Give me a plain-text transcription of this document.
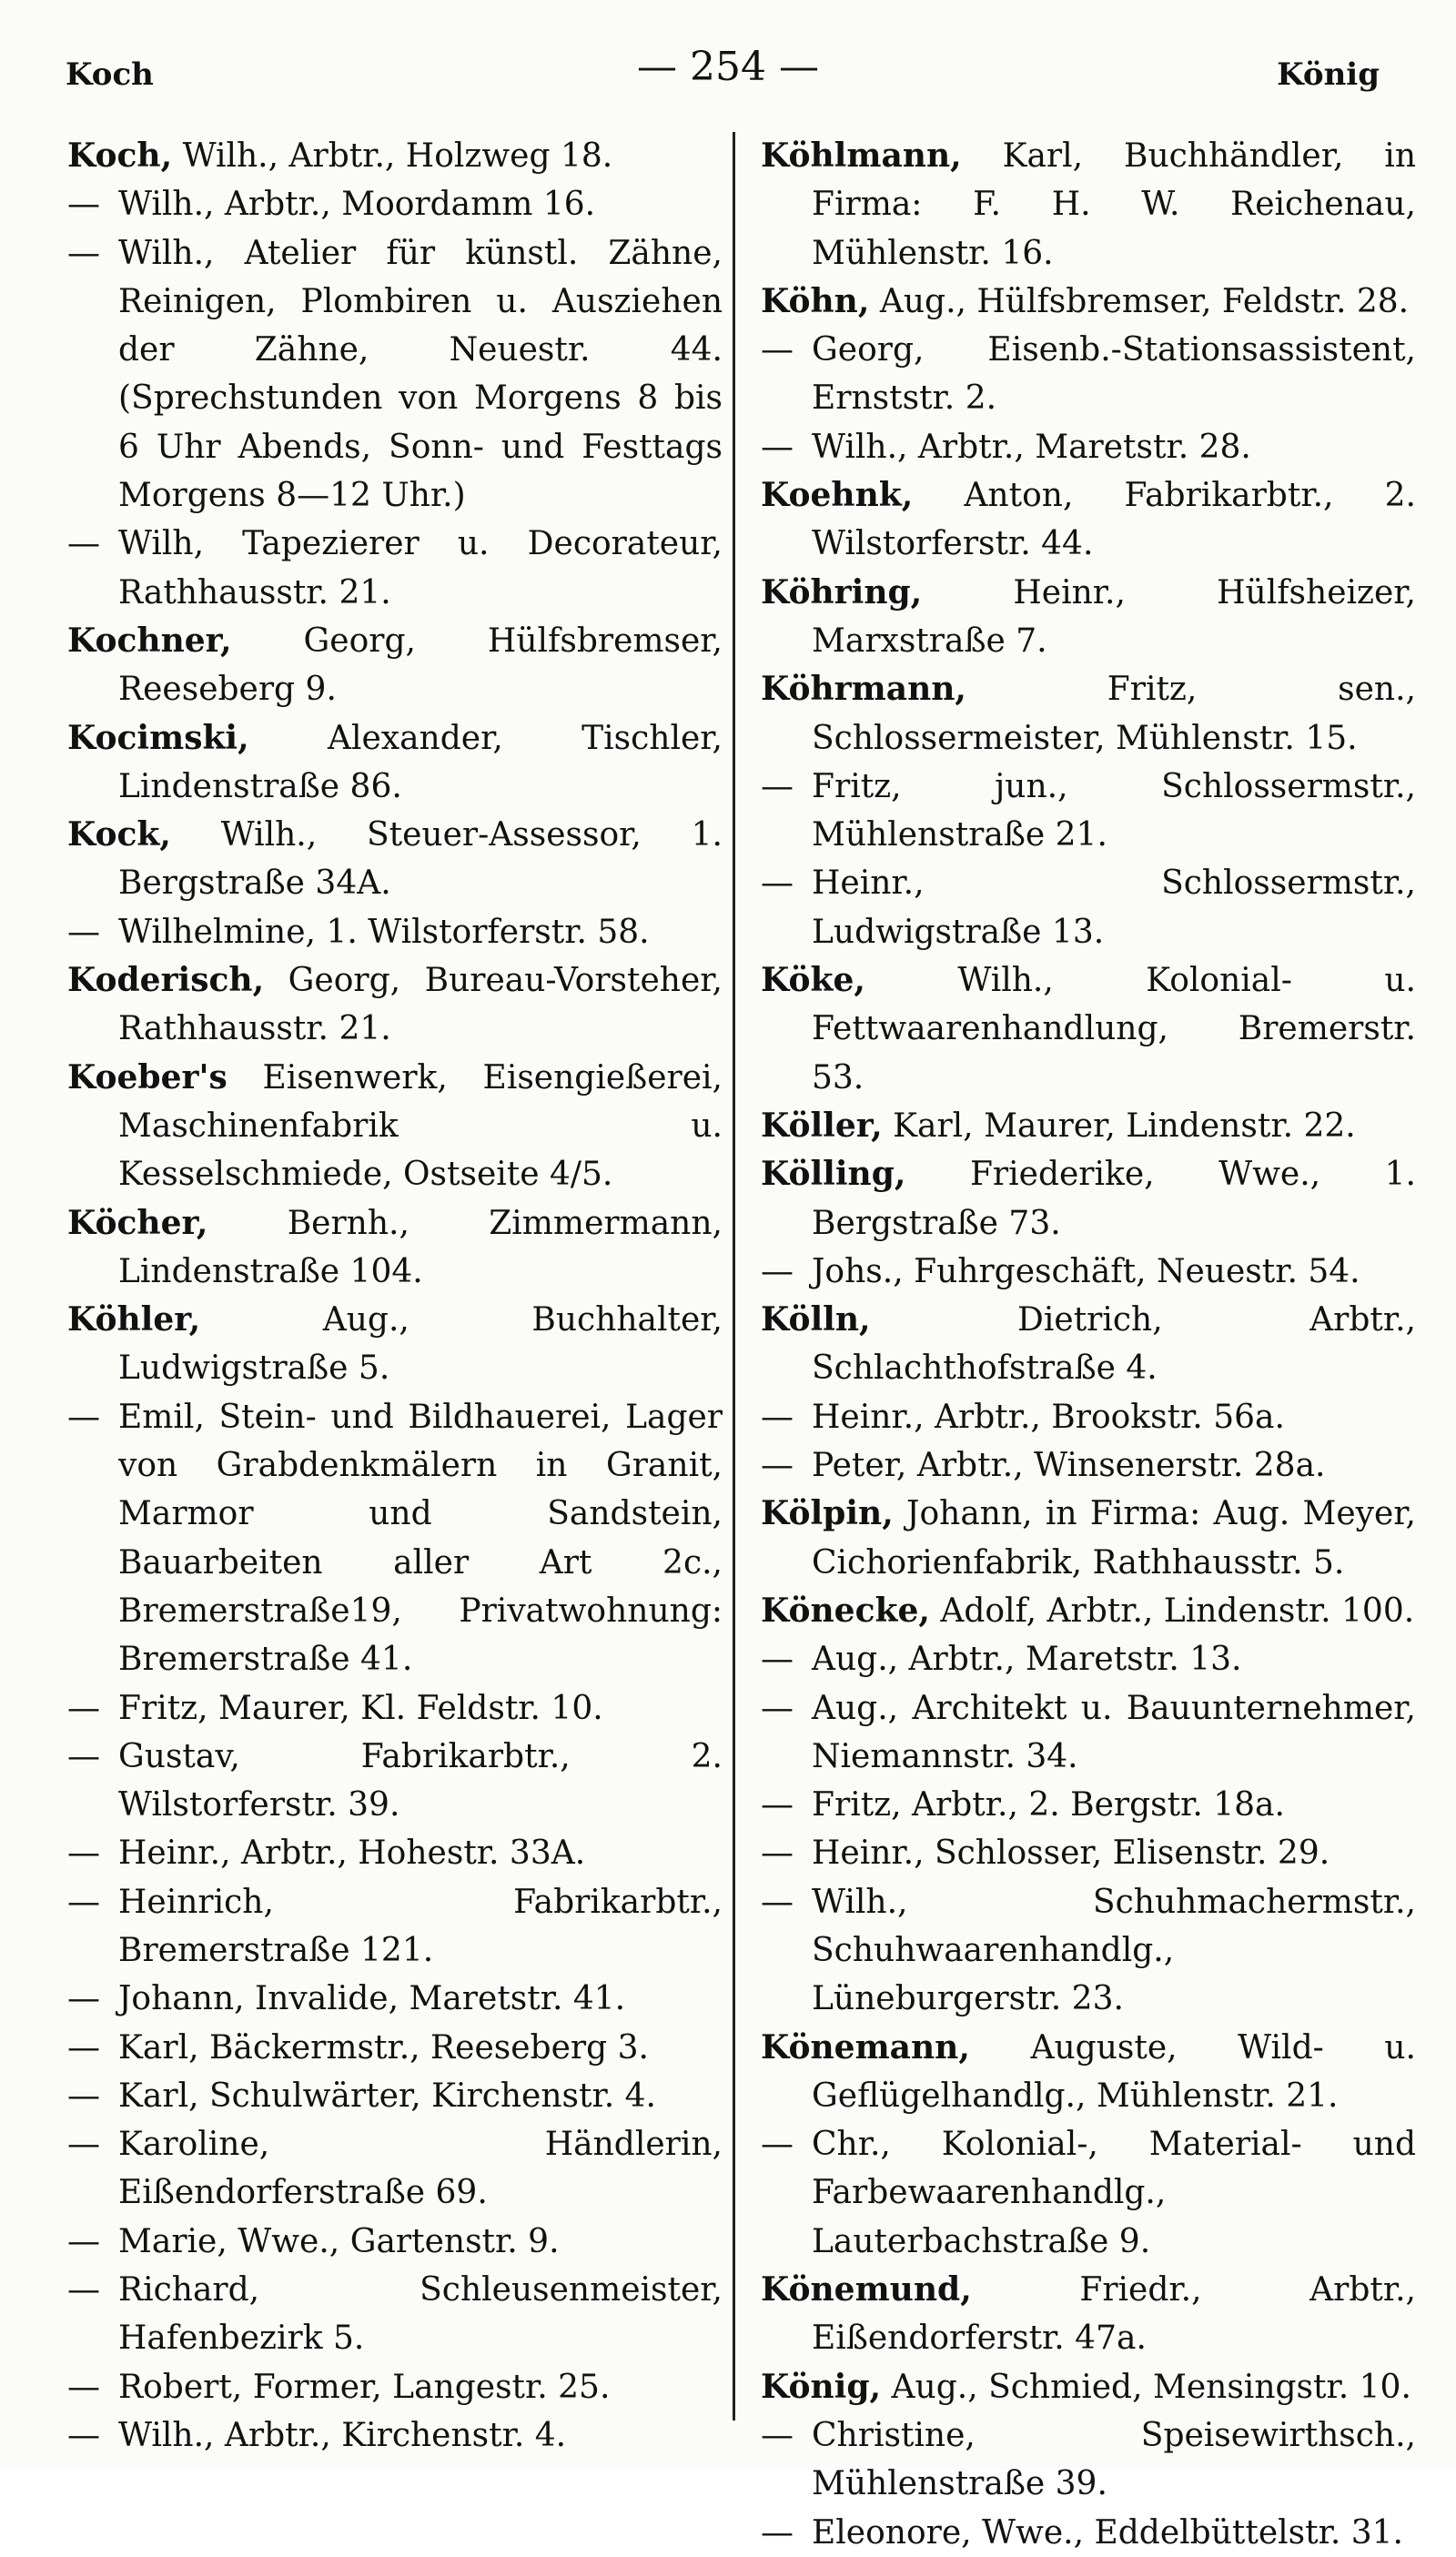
Koch	— 254 —	König

Koch, Wilh., Arbtr., Holzweg 18.

— Wilh., Arbtr., Moordamm 16.

— Wilh., Atelier für künstl. Zähne, Reinigen, Plombiren u. Ausziehen der Zähne, Neuestr. 44. (Sprechstunden von Morgens 8 bis 6 Uhr Abends, Sonn- und Festtags Morgens 8—12 Uhr.)

— Wilh, Tapezierer u. Decorateur, Rathhausstr. 21.

Kochner, Georg, Hülfsbremser, Reeseberg 9.

Kocimski, Alexander, Tischler, Lindenstraße 86.

Kock, Wilh., Steuer-Assessor, 1. Bergstraße 34A.

— Wilhelmine, 1. Wilstorferstr. 58.

Koderisch, Georg, Bureau-Vorsteher, Rathhausstr. 21.

Koeber's Eisenwerk, Eisengießerei, Maschinenfabrik u. Kesselschmiede, Ostseite 4/5.

Köcher, Bernh., Zimmermann, Lindenstraße 104.

Köhler, Aug., Buchhalter, Ludwigstraße 5.

— Emil, Stein- und Bildhauerei, Lager von Grabdenkmälern in Granit, Marmor und Sandstein, Bauarbeiten aller Art 2c., Bremerstraße19, Privatwohnung: Bremerstraße 41.

— Fritz, Maurer, Kl. Feldstr. 10.

— Gustav, Fabrikarbtr., 2. Wilstorferstr. 39.

— Heinr., Arbtr., Hohestr. 33A.

— Heinrich, Fabrikarbtr., Bremerstraße 121.

— Johann, Invalide, Maretstr. 41.

— Karl, Bäckermstr., Reeseberg 3.

— Karl, Schulwärter, Kirchenstr. 4.

— Karoline, Händlerin, Eißendorferstraße 69.

— Marie, Wwe., Gartenstr. 9.

— Richard, Schleusenmeister, Hafenbezirk 5.

— Robert, Former, Langestr. 25.

— Wilh., Arbtr., Kirchenstr. 4.

Köhlmann, Karl, Buchhändler, in Firma: F. H. W. Reichenau, Mühlenstr. 16.

Köhn, Aug., Hülfsbremser, Feldstr. 28.

— Georg, Eisenb.-Stationsassistent, Ernststr. 2.

— Wilh., Arbtr., Maretstr. 28.

Koehnk, Anton, Fabrikarbtr., 2. Wilstorferstr. 44.

Köhring, Heinr., Hülfsheizer, Marxstraße 7.

Köhrmann, Fritz, sen., Schlossermeister, Mühlenstr. 15.

— Fritz, jun., Schlossermstr., Mühlenstraße 21.

— Heinr., Schlossermstr., Ludwigstraße 13.

Köke, Wilh., Kolonial- u. Fettwaarenhandlung, Bremerstr. 53.

Köller, Karl, Maurer, Lindenstr. 22.

Kölling, Friederike, Wwe., 1. Bergstraße 73.

— Johs., Fuhrgeschäft, Neuestr. 54.

Kölln, Dietrich, Arbtr., Schlachthofstraße 4.

— Heinr., Arbtr., Brookstr. 56a.

— Peter, Arbtr., Winsenerstr. 28a.

Kölpin, Johann, in Firma: Aug. Meyer, Cichorienfabrik, Rathhausstr. 5.

Könecke, Adolf, Arbtr., Lindenstr. 100.

— Aug., Arbtr., Maretstr. 13.

— Aug., Architekt u. Bauunternehmer, Niemannstr. 34.

— Fritz, Arbtr., 2. Bergstr. 18a.

— Heinr., Schlosser, Elisenstr. 29.

— Wilh., Schuhmachermstr., Schuhwaarenhandlg., Lüneburgerstr. 23.

Könemann, Auguste, Wild- u. Geflügelhandlg., Mühlenstr. 21.

— Chr., Kolonial-, Material- und Farbewaarenhandlg., Lauterbachstraße 9.

Könemund, Friedr., Arbtr., Eißendorferstr. 47a.

König, Aug., Schmied, Mensingstr. 10.

— Christine, Speisewirthsch., Mühlenstraße 39.

— Eleonore, Wwe., Eddelbüttelstr. 31.
